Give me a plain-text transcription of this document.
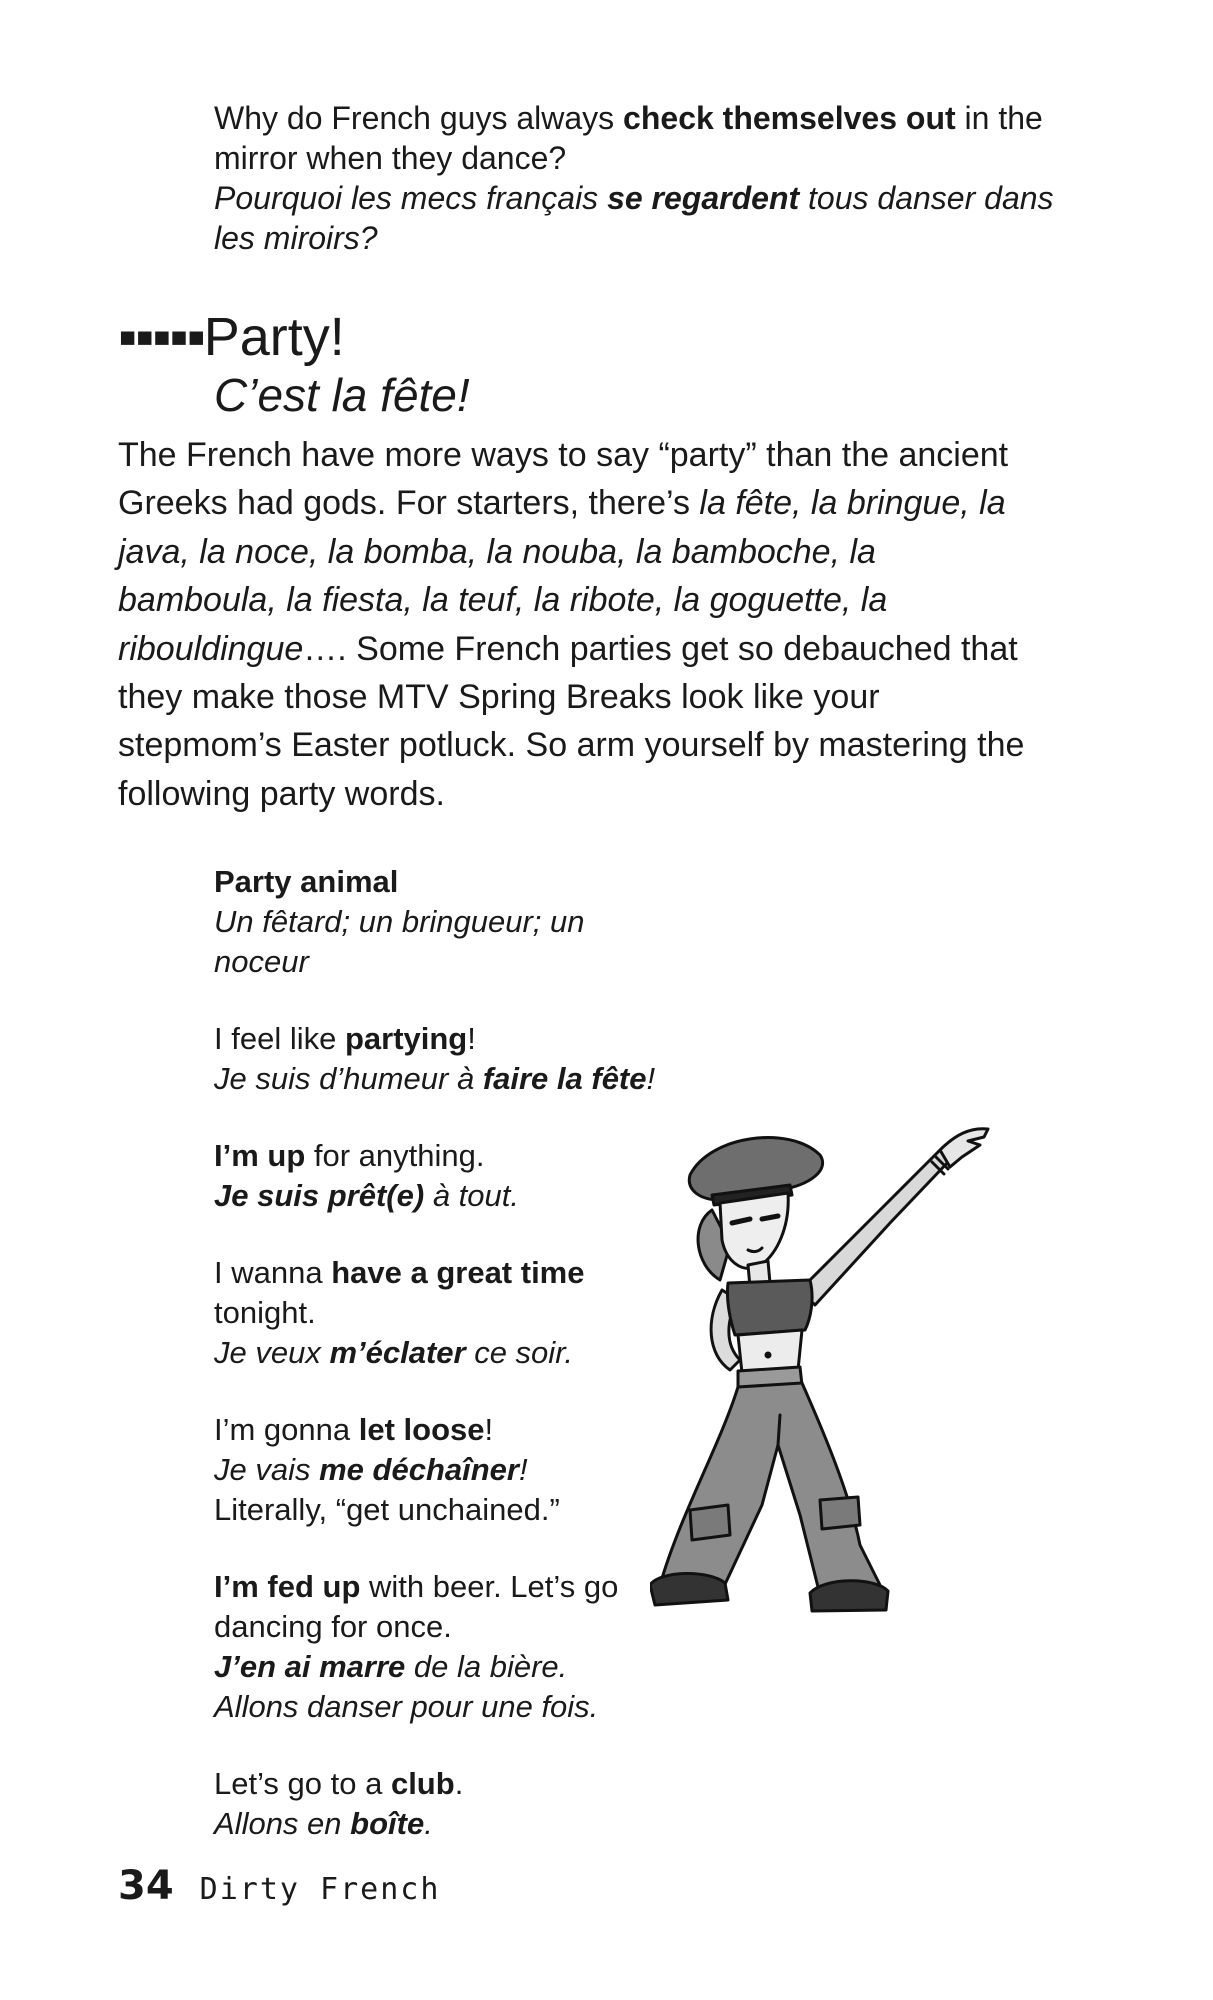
Why do French guys always check themselves out in the mirror when they dance?

Pourquoi les mecs français se regardent tous danser dans les miroirs?

▪▪▪▪▪Party!
C’est la fête!

The French have more ways to say “party” than the ancient Greeks had gods. For starters, there’s la fête, la bringue, la java, la noce, la bomba, la nouba, la bamboche, la bamboula, la fiesta, la teuf, la ribote, la goguette, la ribouldingue…. Some French parties get so debauched that they make those MTV Spring Breaks look like your stepmom’s Easter potluck. So arm yourself by mastering the following party words.

Party animal
Un fêtard; un bringueur; un noceur
I feel like partying!
Je suis d’humeur à faire la fête!
I’m up for anything.
Je suis prêt(e) à tout.
I wanna have a great time tonight.
Je veux m’éclater ce soir.
I’m gonna let loose!
Je vais me déchaîner!
Literally, “get unchained.”
I’m fed up with beer. Let’s go dancing for once.
J’en ai marre de la bière.
Allons danser pour une fois.
Let’s go to a club.
Allons en boîte.
34 Dirty French
